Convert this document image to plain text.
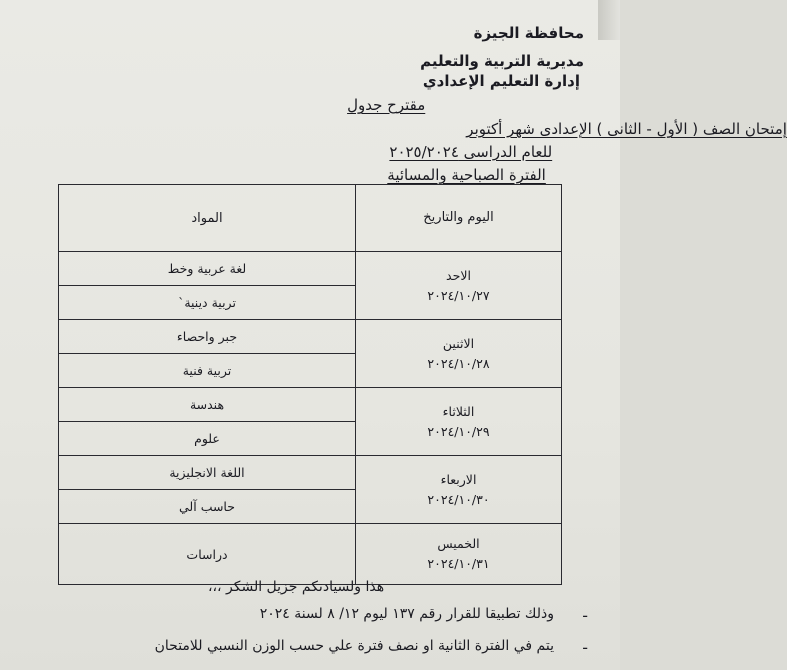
محافظة الجيزة
مديرية التربية والتعليم
إدارة التعليم الإعدادي
مقترح جدول
إمتحان الصف ( الأول - الثانى ) الإعدادى شهر أكتوبر
للعام الدراسى ٢٠٢٥/٢٠٢٤
الفترة الصباحية والمسائية
اليوم والتاريخ	المواد

الاحد
٢٠٢٤/١٠/٢٧	لغة عربية وخط
	تربية دينية`

الاثنين
٢٠٢٤/١٠/٢٨	جبر واحصاء
	تربية فنية

الثلاثاء
٢٠٢٤/١٠/٢٩	هندسة
	علوم

الاربعاء
٢٠٢٤/١٠/٣٠	اللغة الانجليزية
	حاسب آلي

الخميس
٢٠٢٤/١٠/٣١	دراسات
هذا ولسيادتكم جزيل الشكر ،،،
وذلك تطبيقا للقرار رقم ١٣٧ ليوم ١٢/ ٨ لسنة ٢٠٢٤ -
يتم في الفترة الثانية او نصف فترة علي حسب الوزن النسبي للامتحان -
